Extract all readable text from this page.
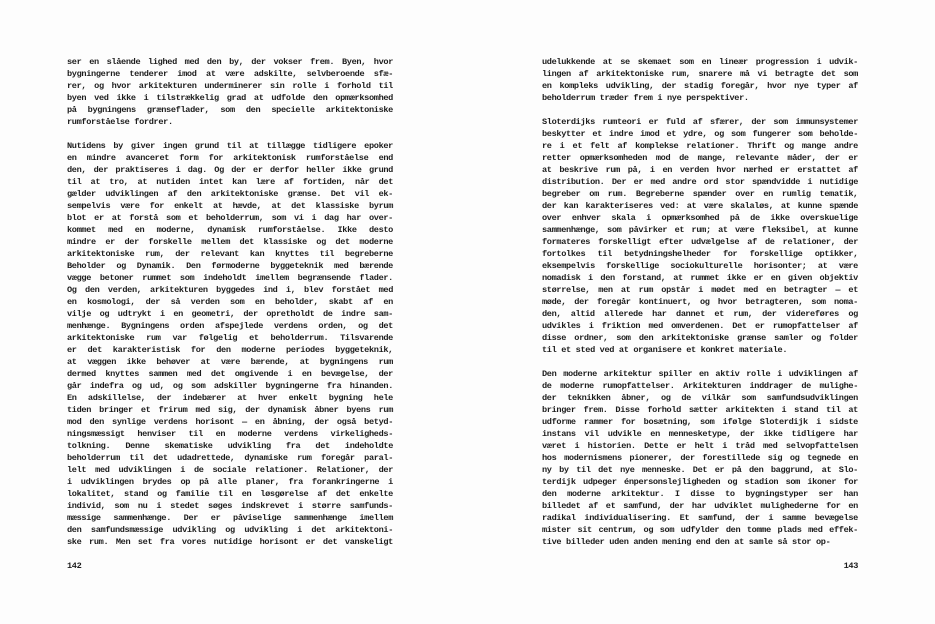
ser en slående lighed med den by, der vokser frem. Byen, hvor
bygningerne tenderer imod at være adskilte, selvberoende sfæ-
rer, og hvor arkitekturen underminerer sin rolle i forhold til
byen ved ikke i tilstrækkelig grad at udfolde den opmærksomhed
på bygningens grænseflader, som den specielle arkitektoniske
rumforståelse fordrer.
Nutidens by giver ingen grund til at tillægge tidligere epoker
en mindre avanceret form for arkitektonisk rumforståelse end
den, der praktiseres i dag. Og der er derfor heller ikke grund
til at tro, at nutiden intet kan lære af fortiden, når det
gælder udviklingen af den arkitektoniske grænse. Det vil ek-
sempelvis være for enkelt at hævde, at det klassiske byrum
blot er at forstå som et beholderrum, som vi i dag har over-
kommet med en moderne, dynamisk rumforståelse. Ikke desto
mindre er der forskelle mellem det klassiske og det moderne
arkitektoniske rum, der relevant kan knyttes til begreberne
Beholder og Dynamik. Den førmoderne byggeteknik med bærende
vægge betoner rummet som indeholdt imellem begrænsende flader.
Og den verden, arkitekturen byggedes ind i, blev forstået med
en kosmologi, der så verden som en beholder, skabt af en
vilje og udtrykt i en geometri, der opretholdt de indre sam-
menhænge. Bygningens orden afspejlede verdens orden, og det
arkitektoniske rum var følgelig et beholderrum. Tilsvarende
er det karakteristisk for den moderne periodes byggeteknik,
at væggen ikke behøver at være bærende, at bygningens rum
dermed knyttes sammen med det omgivende i en bevægelse, der
går indefra og ud, og som adskiller bygningerne fra hinanden.
En adskillelse, der indebærer at hver enkelt bygning hele
tiden bringer et frirum med sig, der dynamisk åbner byens rum
mod den synlige verdens horisont — en åbning, der også betyd-
ningsmæssigt henviser til en moderne verdens virkeligheds-
tolkning. Denne skematiske udvikling fra det indeholdte
beholderrum til det udadrettede, dynamiske rum foregår paral-
lelt med udviklingen i de sociale relationer. Relationer, der
i udviklingen brydes op på alle planer, fra forankringerne i
lokalitet, stand og familie til en løsgørelse af det enkelte
individ, som nu i stedet søges indskrevet i større samfunds-
mæssige sammenhænge. Der er påviselige sammenhænge imellem
den samfundsmæssige udvikling og udvikling i det arkitektoni-
ske rum. Men set fra vores nutidige horisont er det vanskeligt
142
udelukkende at se skemaet som en lineær progression i udvik-
lingen af arkitektoniske rum, snarere må vi betragte det som
en kompleks udvikling, der stadig foregår, hvor nye typer af
beholderrum træder frem i nye perspektiver.
Sloterdijks rumteori er fuld af sfærer, der som immunsystemer
beskytter et indre imod et ydre, og som fungerer som beholde-
re i et felt af komplekse relationer. Thrift og mange andre
retter opmærksomheden mod de mange, relevante måder, der er
at beskrive rum på, i en verden hvor nærhed er erstattet af
distribution. Der er med andre ord stor spændvidde i nutidige
begreber om rum. Begreberne spænder over en rumlig tematik,
der kan karakteriseres ved: at være skalaløs, at kunne spænde
over enhver skala i opmærksomhed på de ikke overskuelige
sammenhænge, som påvirker et rum; at være fleksibel, at kunne
formateres forskelligt efter udvælgelse af de relationer, der
fortolkes til betydningshelheder for forskellige optikker,
eksempelvis forskellige sociokulturelle horisonter; at være
nomadisk i den forstand, at rummet ikke er en given objektiv
størrelse, men at rum opstår i mødet med en betragter — et
møde, der foregår kontinuert, og hvor betragteren, som noma-
den, altid allerede har dannet et rum, der videreføres og
udvikles i friktion med omverdenen. Det er rumopfattelser af
disse ordner, som den arkitektoniske grænse samler og folder
til et sted ved at organisere et konkret materiale.
Den moderne arkitektur spiller en aktiv rolle i udviklingen af
de moderne rumopfattelser. Arkitekturen inddrager de mulighe-
der teknikken åbner, og de vilkår som samfundsudviklingen
bringer frem. Disse forhold sætter arkitekten i stand til at
udforme rammer for bosætning, som ifølge Sloterdijk i sidste
instans vil udvikle en mennesketype, der ikke tidligere har
været i historien. Dette er helt i tråd med selvopfattelsen
hos modernismens pionerer, der forestillede sig og tegnede en
ny by til det nye menneske. Det er på den baggrund, at Slo-
terdijk udpeger énpersonslejligheden og stadion som ikoner for
den moderne arkitektur. I disse to bygningstyper ser han
billedet af et samfund, der har udviklet mulighederne for en
radikal individualisering. Et samfund, der i samme bevægelse
mister sit centrum, og som udfylder den tomme plads med effek-
tive billeder uden anden mening end den at samle så stor op-
143
